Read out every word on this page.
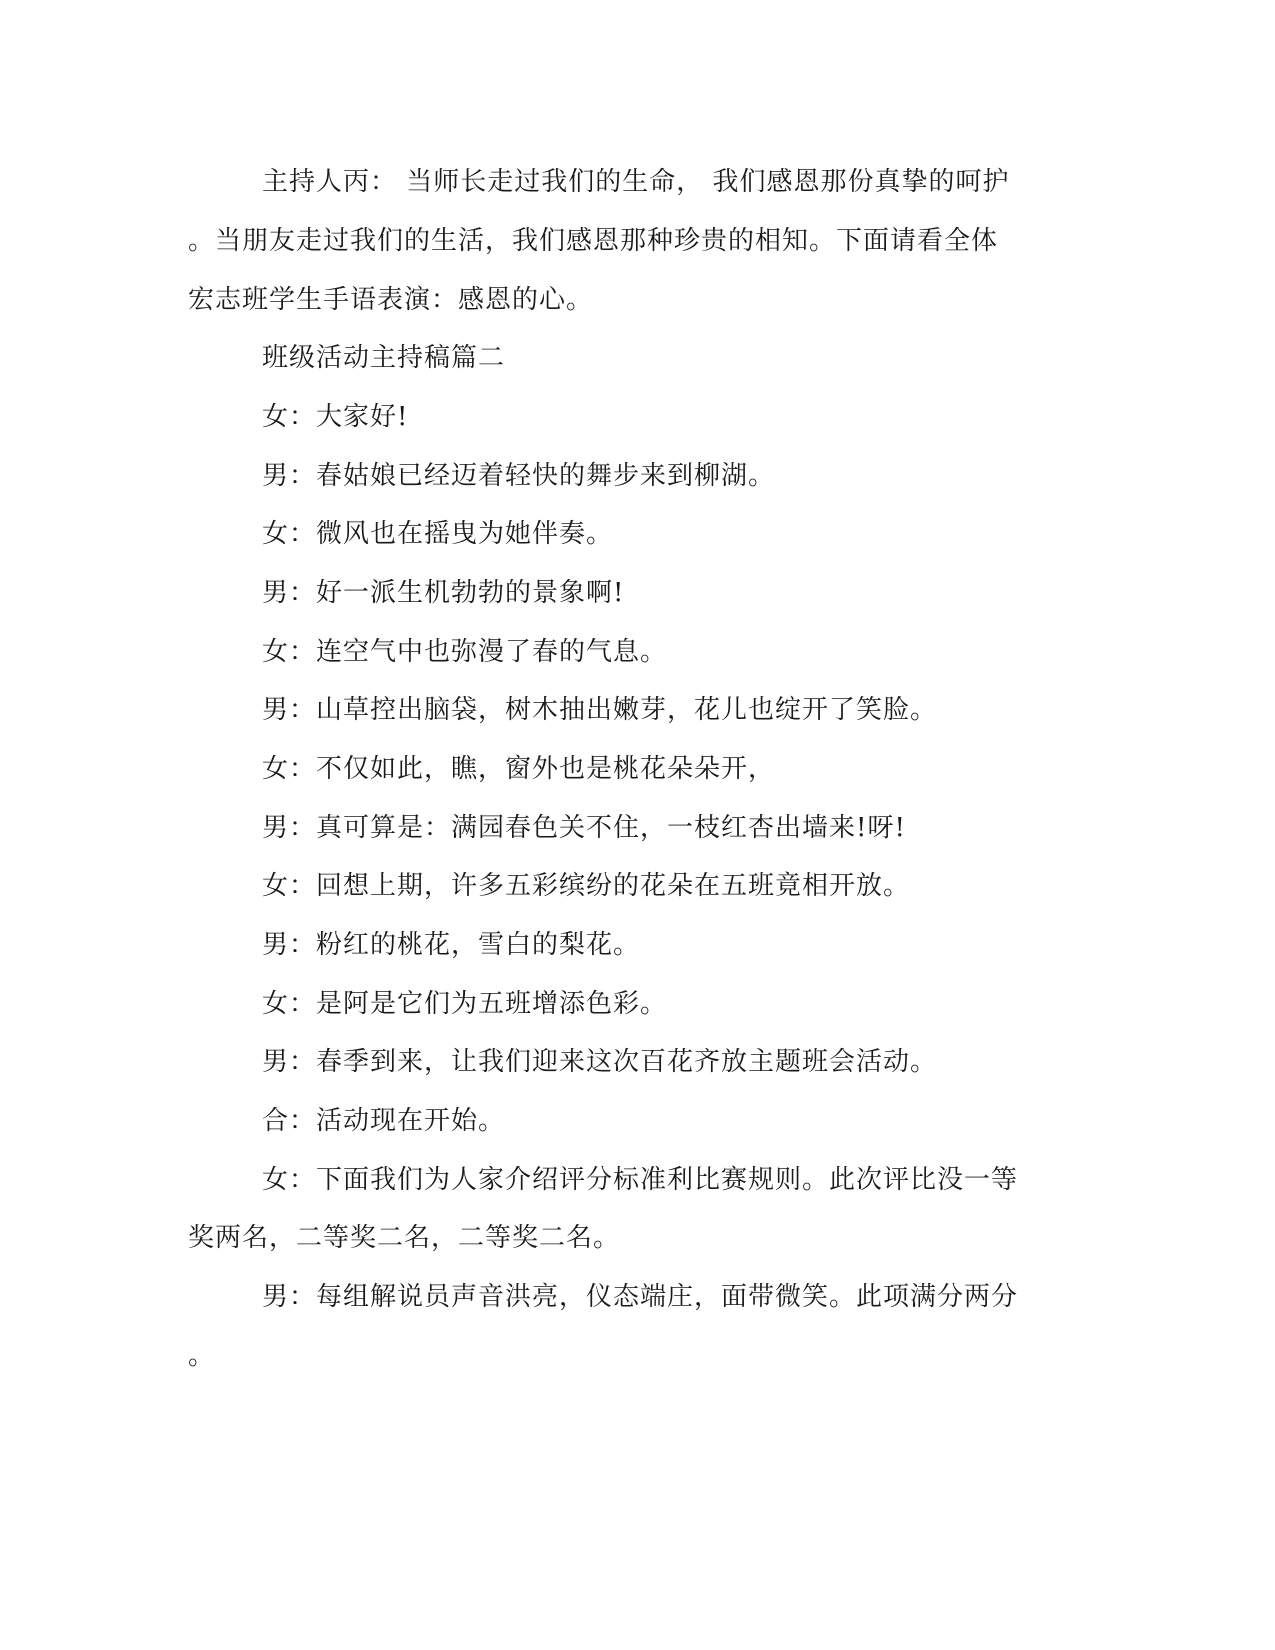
主持人丙： 当师长走过我们的生命， 我们感恩那份真挚的呵护
。当朋友走过我们的生活，我们感恩那种珍贵的相知。下面请看全体
宏志班学生手语表演：感恩的心。
班级活动主持稿篇二
女：大家好!
男：春姑娘已经迈着轻快的舞步来到柳湖。
女：微风也在摇曳为她伴奏。
男：好一派生机勃勃的景象啊!
女：连空气中也弥漫了春的气息。
男：山草控出脑袋，树木抽出嫩芽，花儿也绽开了笑脸。
女：不仅如此，瞧，窗外也是桃花朵朵开，
男：真可算是：满园春色关不住，一枝红杏出墙来!呀!
女：回想上期，许多五彩缤纷的花朵在五班竟相开放。
男：粉红的桃花，雪白的梨花。
女：是阿是它们为五班增添色彩。
男：春季到来，让我们迎来这次百花齐放主题班会活动。
合：活动现在开始。
女：下面我们为人家介绍评分标准利比赛规则。此次评比没一等
奖两名，二等奖二名，二等奖二名。
男：每组解说员声音洪亮，仪态端庄，面带微笑。此项满分两分
。
